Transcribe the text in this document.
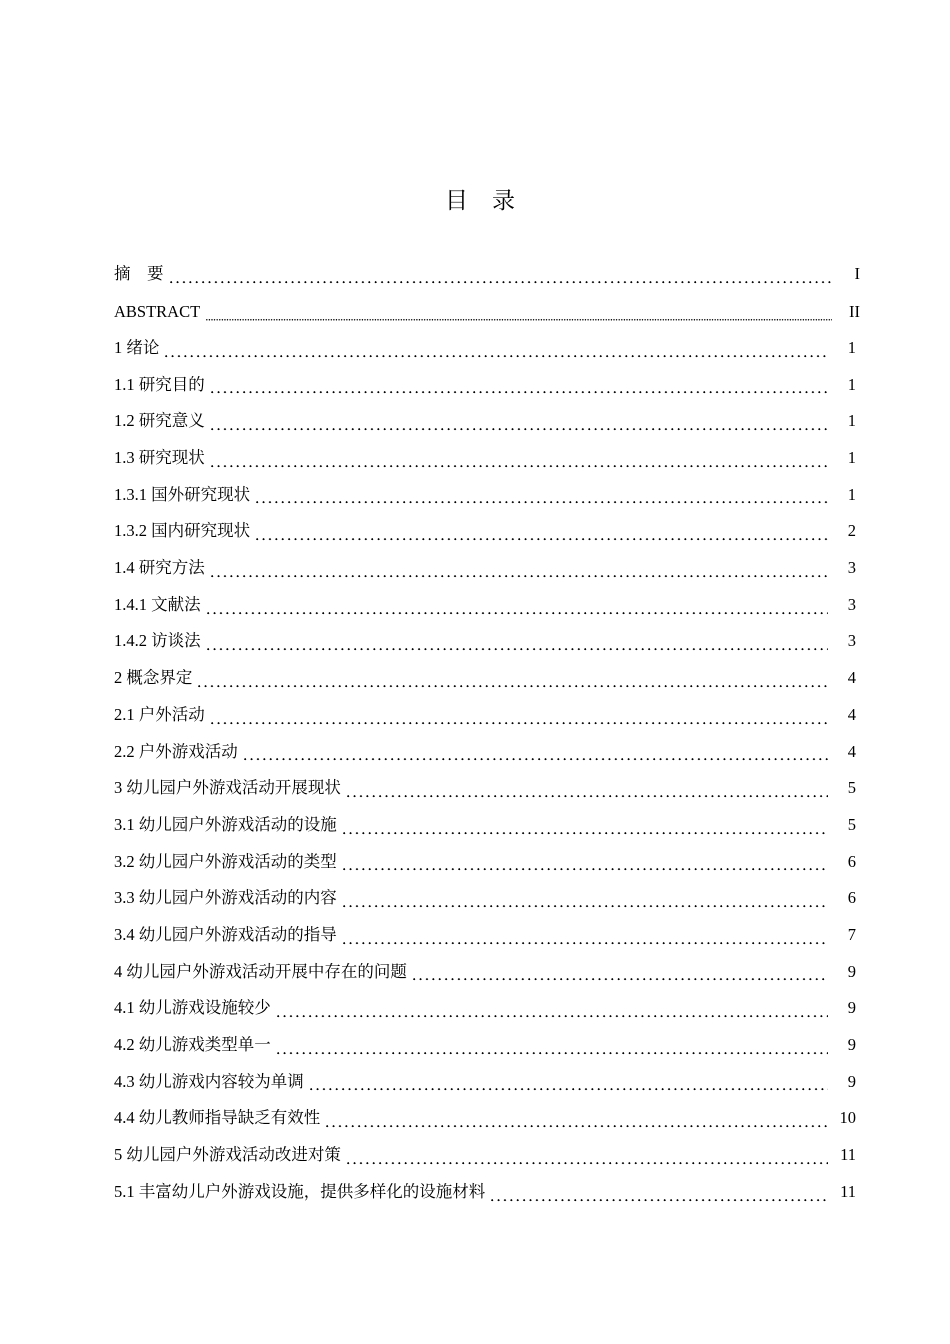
目录
摘　要	I
ABSTRACT	II
1 绪论	1
1.1 研究目的	1
1.2 研究意义	1
1.3 研究现状	1
1.3.1 国外研究现状	1
1.3.2 国内研究现状	2
1.4 研究方法	3
1.4.1 文献法	3
1.4.2 访谈法	3
2 概念界定	4
2.1 户外活动	4
2.2 户外游戏活动	4
3 幼儿园户外游戏活动开展现状	5
3.1 幼儿园户外游戏活动的设施	5
3.2 幼儿园户外游戏活动的类型	6
3.3 幼儿园户外游戏活动的内容	6
3.4 幼儿园户外游戏活动的指导	7
4 幼儿园户外游戏活动开展中存在的问题	9
4.1 幼儿游戏设施较少	9
4.2 幼儿游戏类型单一	9
4.3 幼儿游戏内容较为单调	9
4.4 幼儿教师指导缺乏有效性	10
5 幼儿园户外游戏活动改进对策	11
5.1 丰富幼儿户外游戏设施，提供多样化的设施材料	11
